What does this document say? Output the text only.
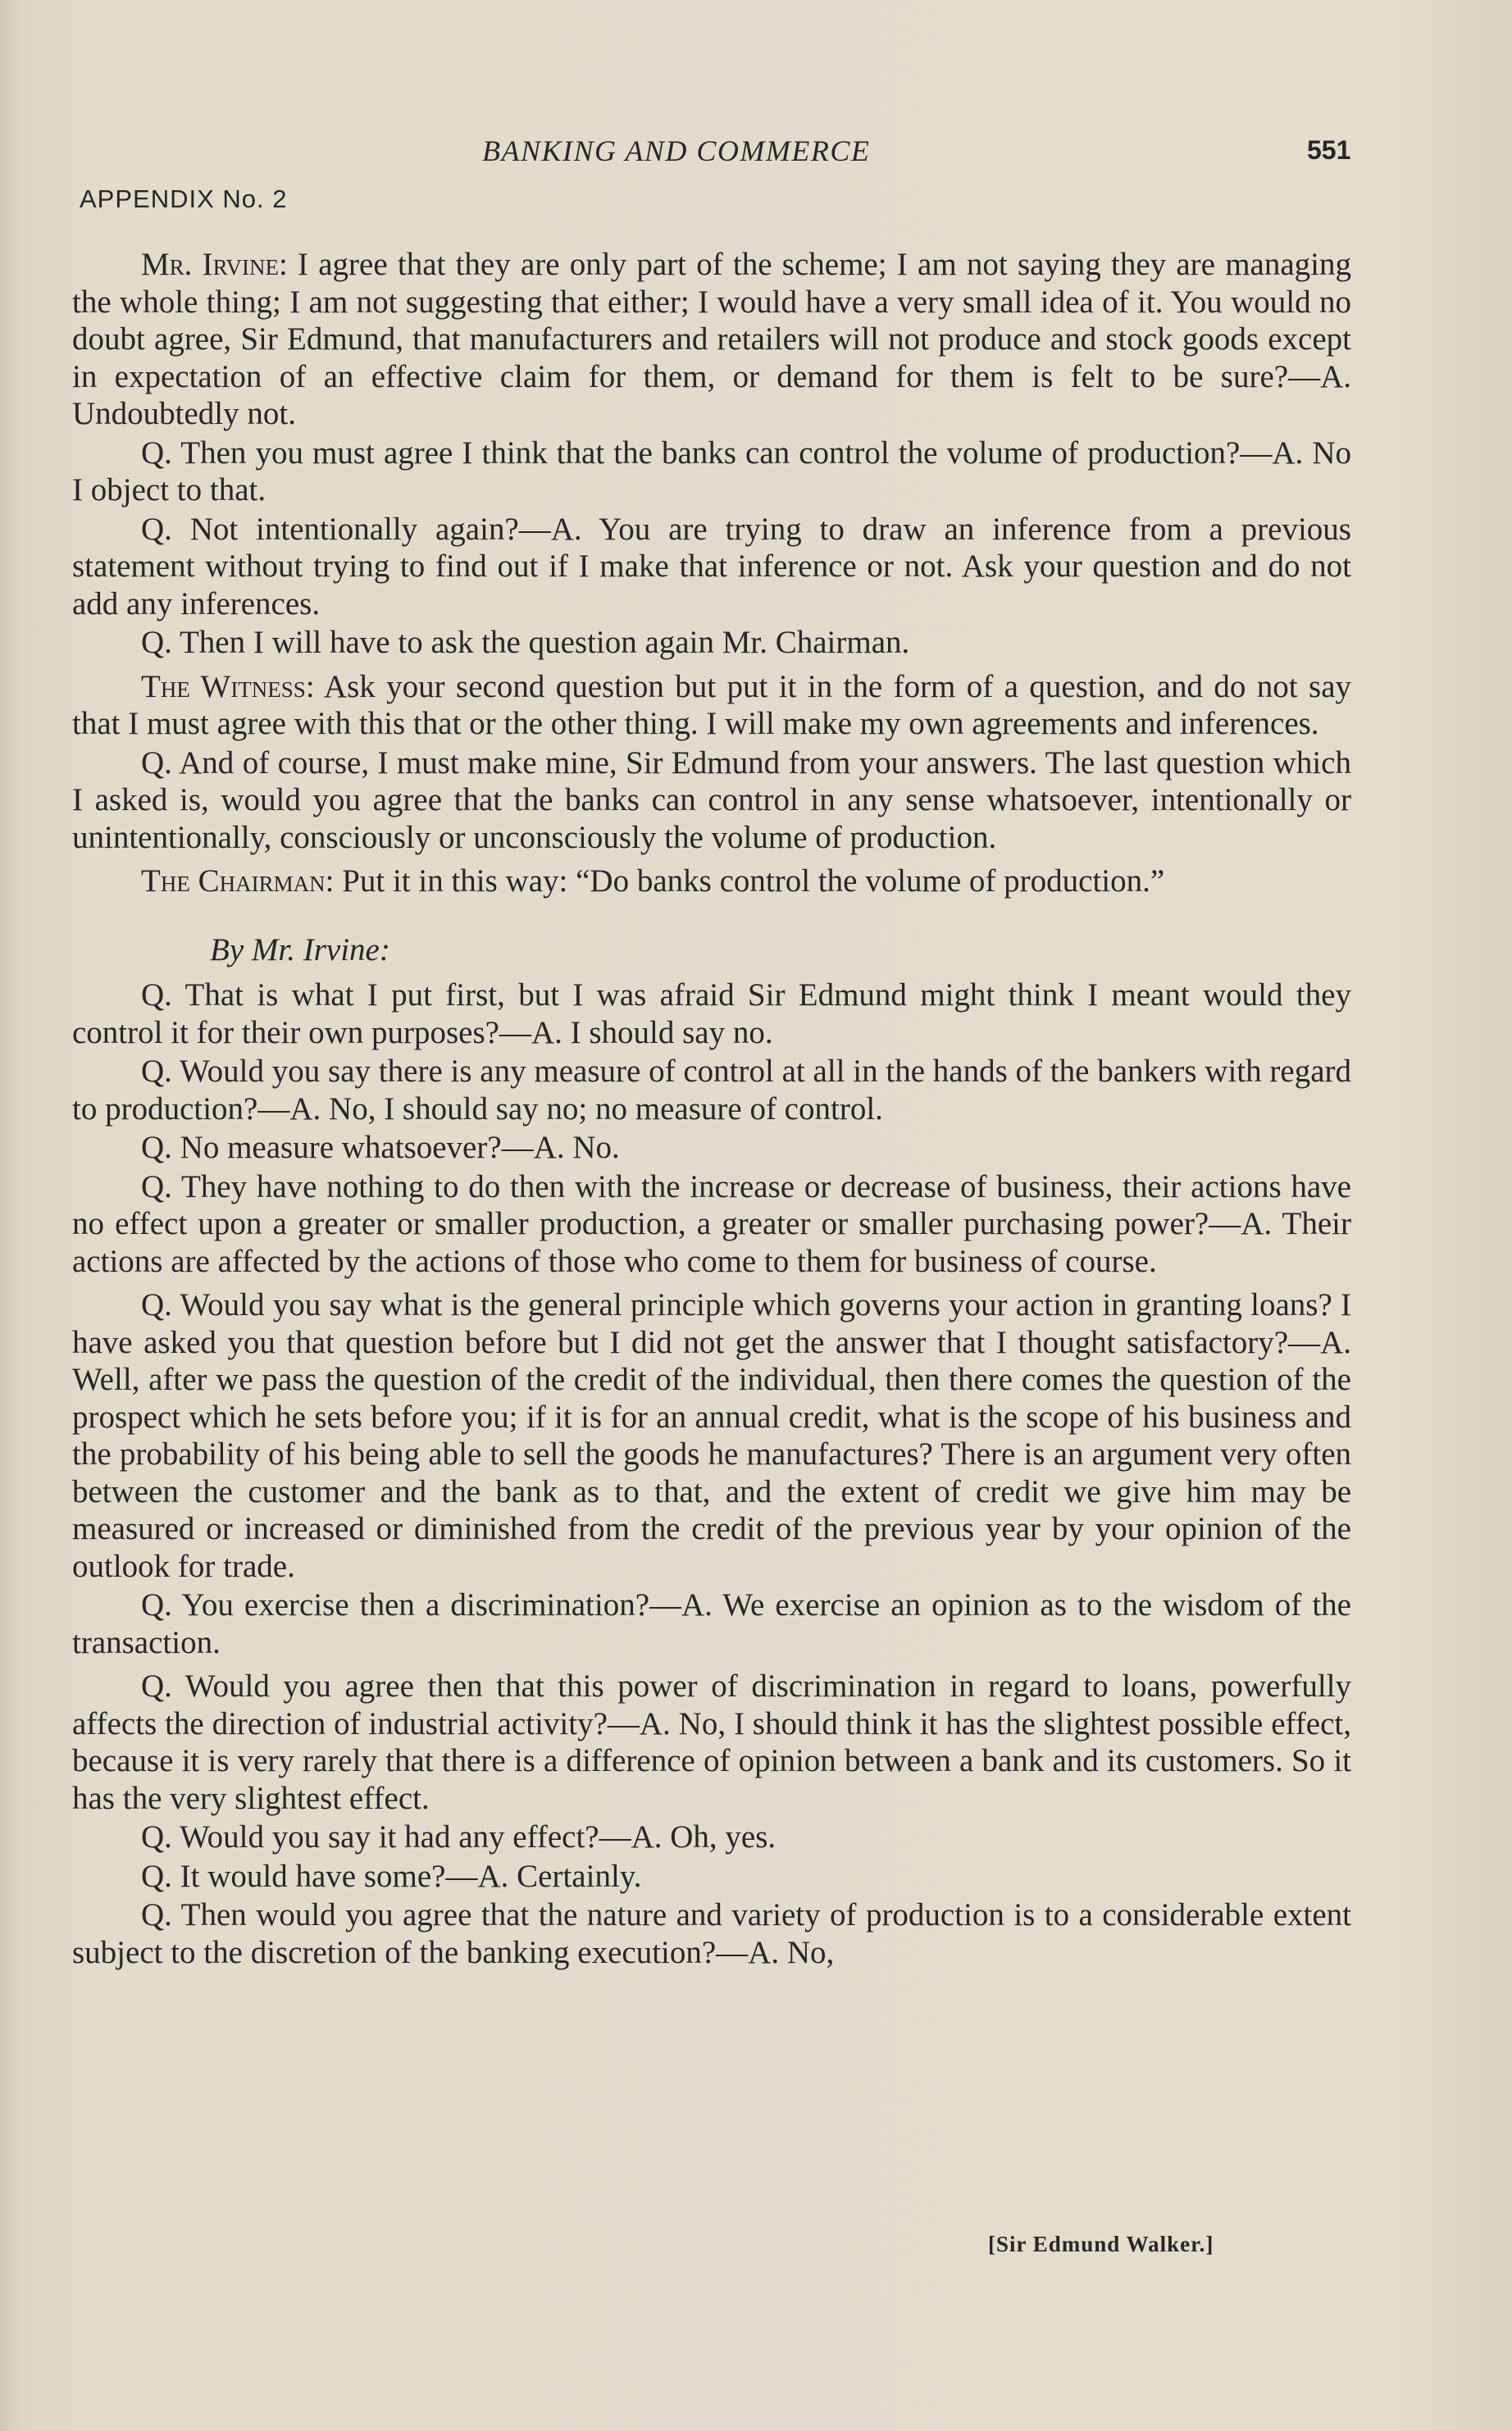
BANKING AND COMMERCE	551
APPENDIX No. 2

Mr. Irvine: I agree that they are only part of the scheme; I am not saying they are managing the whole thing; I am not suggesting that either; I would have a very small idea of it. You would no doubt agree, Sir Edmund, that manufacturers and retailers will not produce and stock goods except in expectation of an effective claim for them, or demand for them is felt to be sure?—A. Undoubtedly not.

Q. Then you must agree I think that the banks can control the volume of production?—A. No I object to that.

Q. Not intentionally again?—A. You are trying to draw an inference from a previous statement without trying to find out if I make that inference or not. Ask your question and do not add any inferences.

Q. Then I will have to ask the question again Mr. Chairman.

The Witness: Ask your second question but put it in the form of a question, and do not say that I must agree with this that or the other thing. I will make my own agreements and inferences.

Q. And of course, I must make mine, Sir Edmund from your answers. The last question which I asked is, would you agree that the banks can control in any sense whatsoever, intentionally or unintentionally, consciously or unconsciously the volume of production.

The Chairman: Put it in this way: “Do banks control the volume of production.”

By Mr. Irvine:

Q. That is what I put first, but I was afraid Sir Edmund might think I meant would they control it for their own purposes?—A. I should say no.

Q. Would you say there is any measure of control at all in the hands of the bankers with regard to production?—A. No, I should say no; no measure of control.

Q. No measure whatsoever?—A. No.

Q. They have nothing to do then with the increase or decrease of business, their actions have no effect upon a greater or smaller production, a greater or smaller purchasing power?—A. Their actions are affected by the actions of those who come to them for business of course.

Q. Would you say what is the general principle which governs your action in granting loans? I have asked you that question before but I did not get the answer that I thought satisfactory?—A. Well, after we pass the question of the credit of the individual, then there comes the question of the prospect which he sets before you; if it is for an annual credit, what is the scope of his business and the probability of his being able to sell the goods he manufactures? There is an argument very often between the customer and the bank as to that, and the extent of credit we give him may be measured or increased or diminished from the credit of the previous year by your opinion of the outlook for trade.

Q. You exercise then a discrimination?—A. We exercise an opinion as to the wisdom of the transaction.

Q. Would you agree then that this power of discrimination in regard to loans, powerfully affects the direction of industrial activity?—A. No, I should think it has the slightest possible effect, because it is very rarely that there is a difference of opinion between a bank and its customers. So it has the very slightest effect.

Q. Would you say it had any effect?—A. Oh, yes.

Q. It would have some?—A. Certainly.

Q. Then would you agree that the nature and variety of production is to a considerable extent subject to the discretion of the banking execution?—A. No,

[Sir Edmund Walker.]
